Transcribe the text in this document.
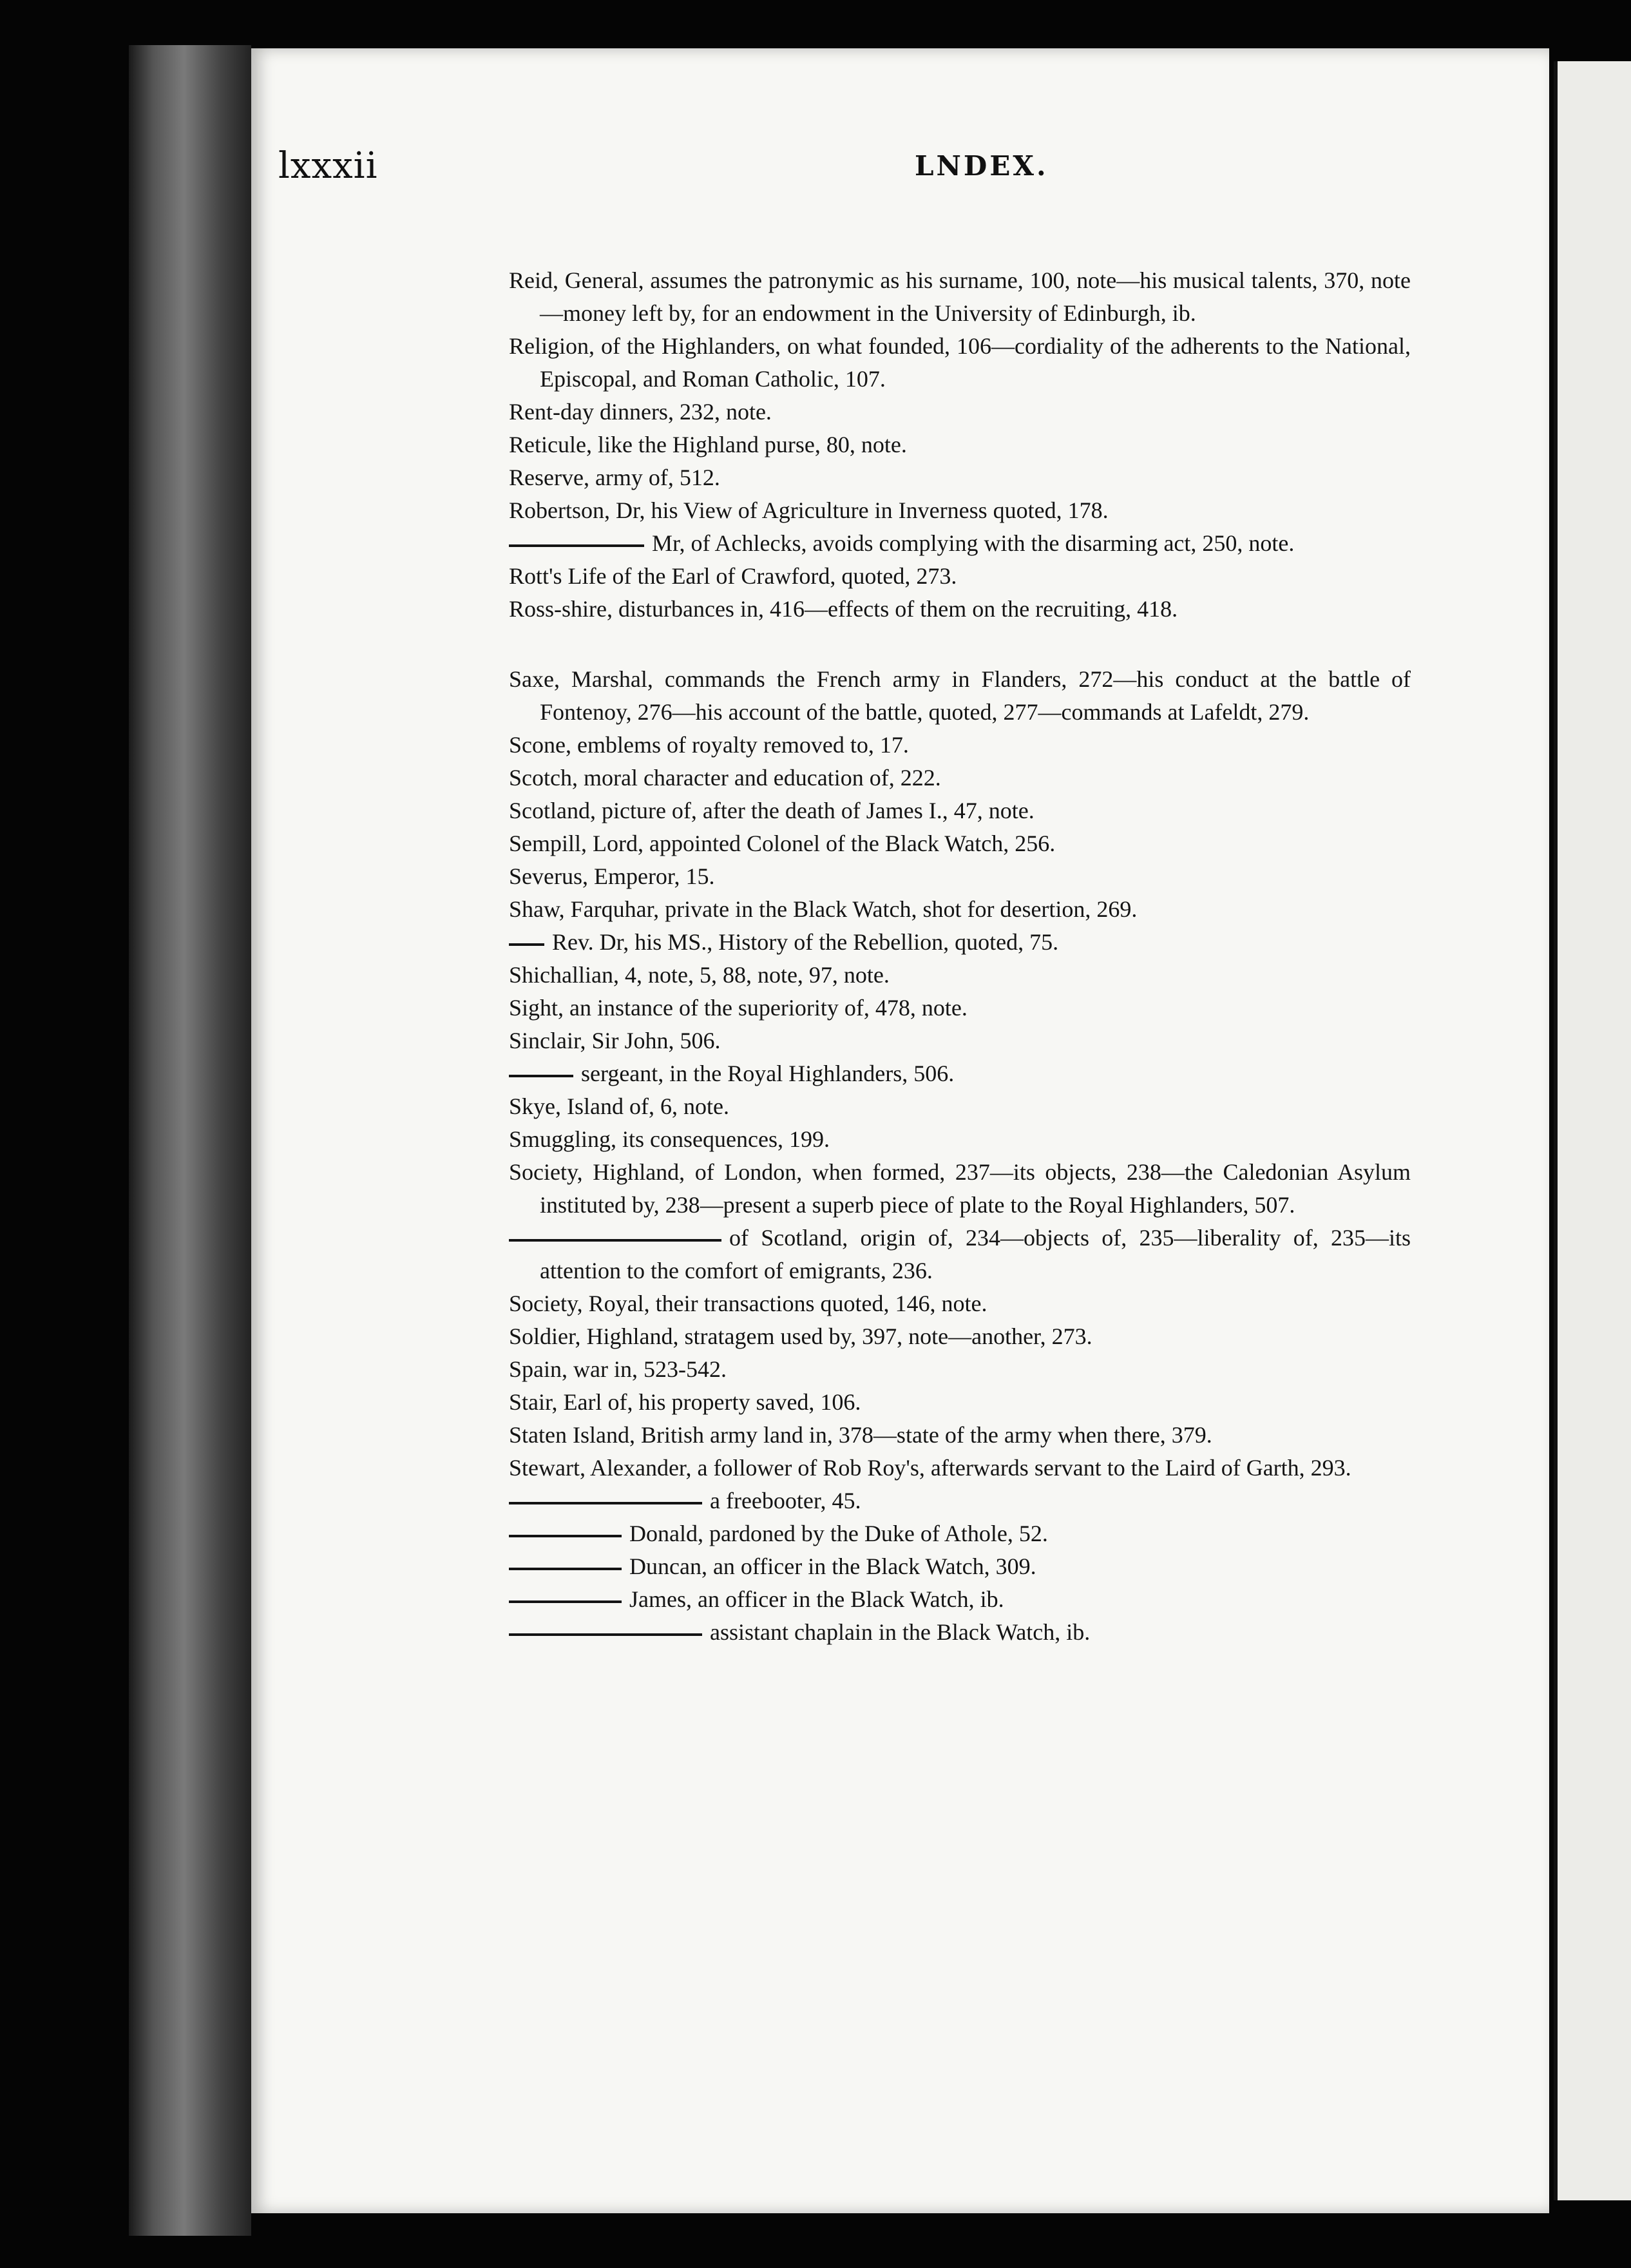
lxxxii	LNDEX.

Reid, General, assumes the patronymic as his surname, 100, note—his musical talents, 370, note—money left by, for an endowment in the University of Edinburgh, ib.

Religion, of the Highlanders, on what founded, 106—cordiality of the adherents to the National, Episcopal, and Roman Catholic, 107.

Rent-day dinners, 232, note.

Reticule, like the Highland purse, 80, note.

Reserve, army of, 512.

Robertson, Dr, his View of Agriculture in Inverness quoted, 178.

Mr, of Achlecks, avoids complying with the disarming act, 250, note.

Rott's Life of the Earl of Crawford, quoted, 273.

Ross-shire, disturbances in, 416—effects of them on the recruiting, 418.

Saxe, Marshal, commands the French army in Flanders, 272—his conduct at the battle of Fontenoy, 276—his account of the battle, quoted, 277—commands at Lafeldt, 279.

Scone, emblems of royalty removed to, 17.

Scotch, moral character and education of, 222.

Scotland, picture of, after the death of James I., 47, note.

Sempill, Lord, appointed Colonel of the Black Watch, 256.

Severus, Emperor, 15.

Shaw, Farquhar, private in the Black Watch, shot for desertion, 269.

Rev. Dr, his MS., History of the Rebellion, quoted, 75.

Shichallian, 4, note, 5, 88, note, 97, note.

Sight, an instance of the superiority of, 478, note.

Sinclair, Sir John, 506.

sergeant, in the Royal Highlanders, 506.

Skye, Island of, 6, note.

Smuggling, its consequences, 199.

Society, Highland, of London, when formed, 237—its objects, 238—the Caledonian Asylum instituted by, 238—present a superb piece of plate to the Royal Highlanders, 507.

of Scotland, origin of, 234—objects of, 235—liberality of, 235—its attention to the comfort of emigrants, 236.

Society, Royal, their transactions quoted, 146, note.

Soldier, Highland, stratagem used by, 397, note—another, 273.

Spain, war in, 523-542.

Stair, Earl of, his property saved, 106.

Staten Island, British army land in, 378—state of the army when there, 379.

Stewart, Alexander, a follower of Rob Roy's, afterwards servant to the Laird of Garth, 293.

a freebooter, 45.

Donald, pardoned by the Duke of Athole, 52.

Duncan, an officer in the Black Watch, 309.

James, an officer in the Black Watch, ib.

assistant chaplain in the Black Watch, ib.
